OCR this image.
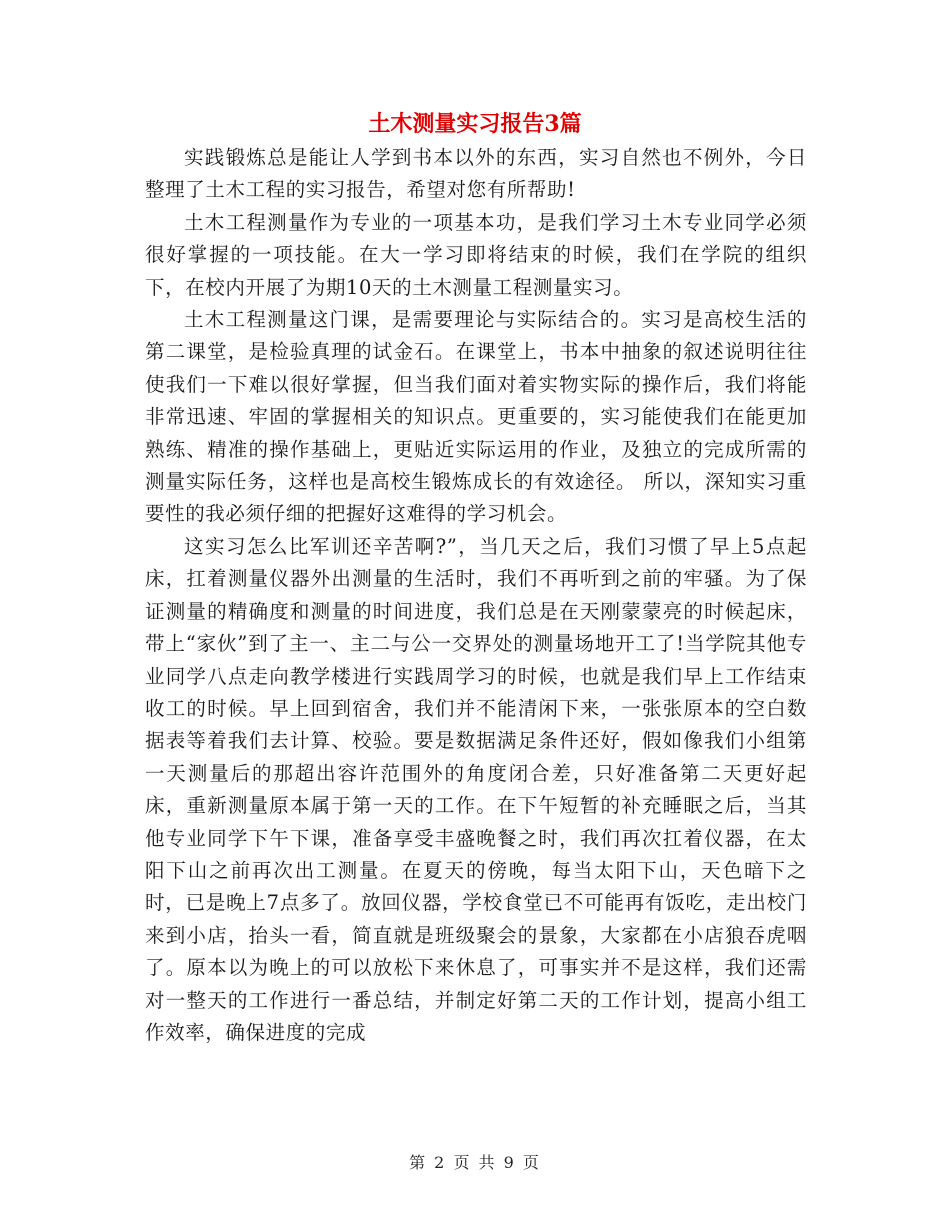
土木测量实习报告3篇

实践锻炼总是能让人学到书本以外的东西，实习自然也不例外，今日整理了土木工程的实习报告，希望对您有所帮助!

土木工程测量作为专业的一项基本功，是我们学习土木专业同学必须很好掌握的一项技能。在大一学习即将结束的时候，我们在学院的组织下，在校内开展了为期10天的土木测量工程测量实习。

土木工程测量这门课，是需要理论与实际结合的。实习是高校生活的第二课堂，是检验真理的试金石。在课堂上，书本中抽象的叙述说明往往使我们一下难以很好掌握，但当我们面对着实物实际的操作后，我们将能非常迅速、牢固的掌握相关的知识点。更重要的，实习能使我们在能更加熟练、精准的操作基础上，更贴近实际运用的作业，及独立的完成所需的测量实际任务，这样也是高校生锻炼成长的有效途径。 所以，深知实习重要性的我必须仔细的把握好这难得的学习机会。

这实习怎么比军训还辛苦啊?”，当几天之后，我们习惯了早上5点起床，扛着测量仪器外出测量的生活时，我们不再听到之前的牢骚。为了保证测量的精确度和测量的时间进度，我们总是在天刚蒙蒙亮的时候起床，带上“家伙”到了主一、主二与公一交界处的测量场地开工了!当学院其他专业同学八点走向教学楼进行实践周学习的时候，也就是我们早上工作结束收工的时候。早上回到宿舍，我们并不能清闲下来，一张张原本的空白数据表等着我们去计算、校验。要是数据满足条件还好，假如像我们小组第一天测量后的那超出容许范围外的角度闭合差，只好准备第二天更好起床，重新测量原本属于第一天的工作。在下午短暂的补充睡眠之后，当其他专业同学下午下课，准备享受丰盛晚餐之时，我们再次扛着仪器，在太阳下山之前再次出工测量。在夏天的傍晚，每当太阳下山，天色暗下之时，已是晚上7点多了。放回仪器，学校食堂已不可能再有饭吃，走出校门来到小店，抬头一看，简直就是班级聚会的景象，大家都在小店狼吞虎咽了。原本以为晚上的可以放松下来休息了，可事实并不是这样，我们还需对一整天的工作进行一番总结，并制定好第二天的工作计划，提高小组工作效率，确保进度的完成

第 2 页 共 9 页
